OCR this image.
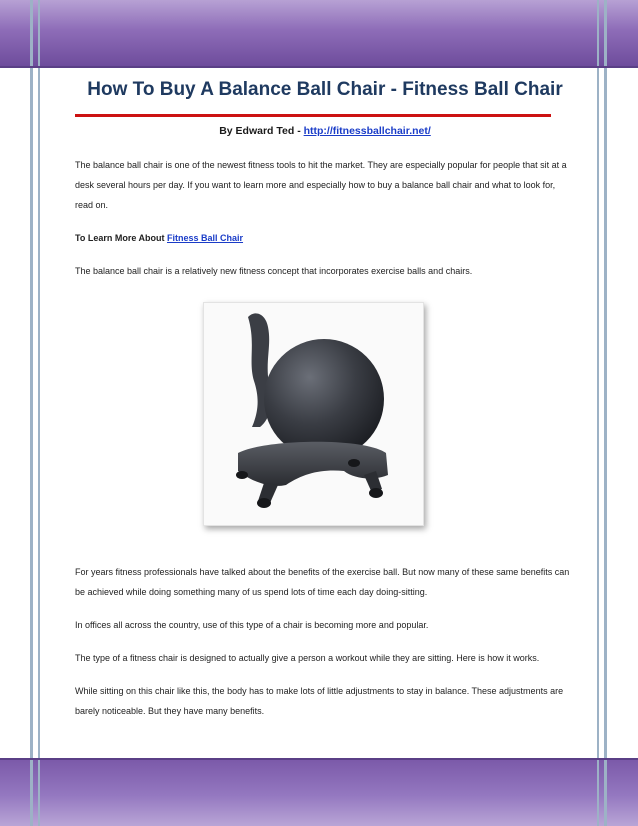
How To Buy A Balance Ball Chair - Fitness Ball Chair
By Edward Ted - http://fitnessballchair.net/

The balance ball chair is one of the newest fitness tools to hit the market. They are especially popular for people that sit at a desk several hours per day. If you want to learn more and especially how to buy a balance ball chair and what to look for, read on.

To Learn More About Fitness Ball Chair

The balance ball chair is a relatively new fitness concept that incorporates exercise balls and chairs.

For years fitness professionals have talked about the benefits of the exercise ball. But now many of these same benefits can be achieved while doing something many of us spend lots of time each day doing-sitting.

In offices all across the country, use of this type of a chair is becoming more and popular.

The type of a fitness chair is designed to actually give a person a workout while they are sitting. Here is how it works.

While sitting on this chair like this, the body has to make lots of little adjustments to stay in balance. These adjustments are barely noticeable. But they have many benefits.
